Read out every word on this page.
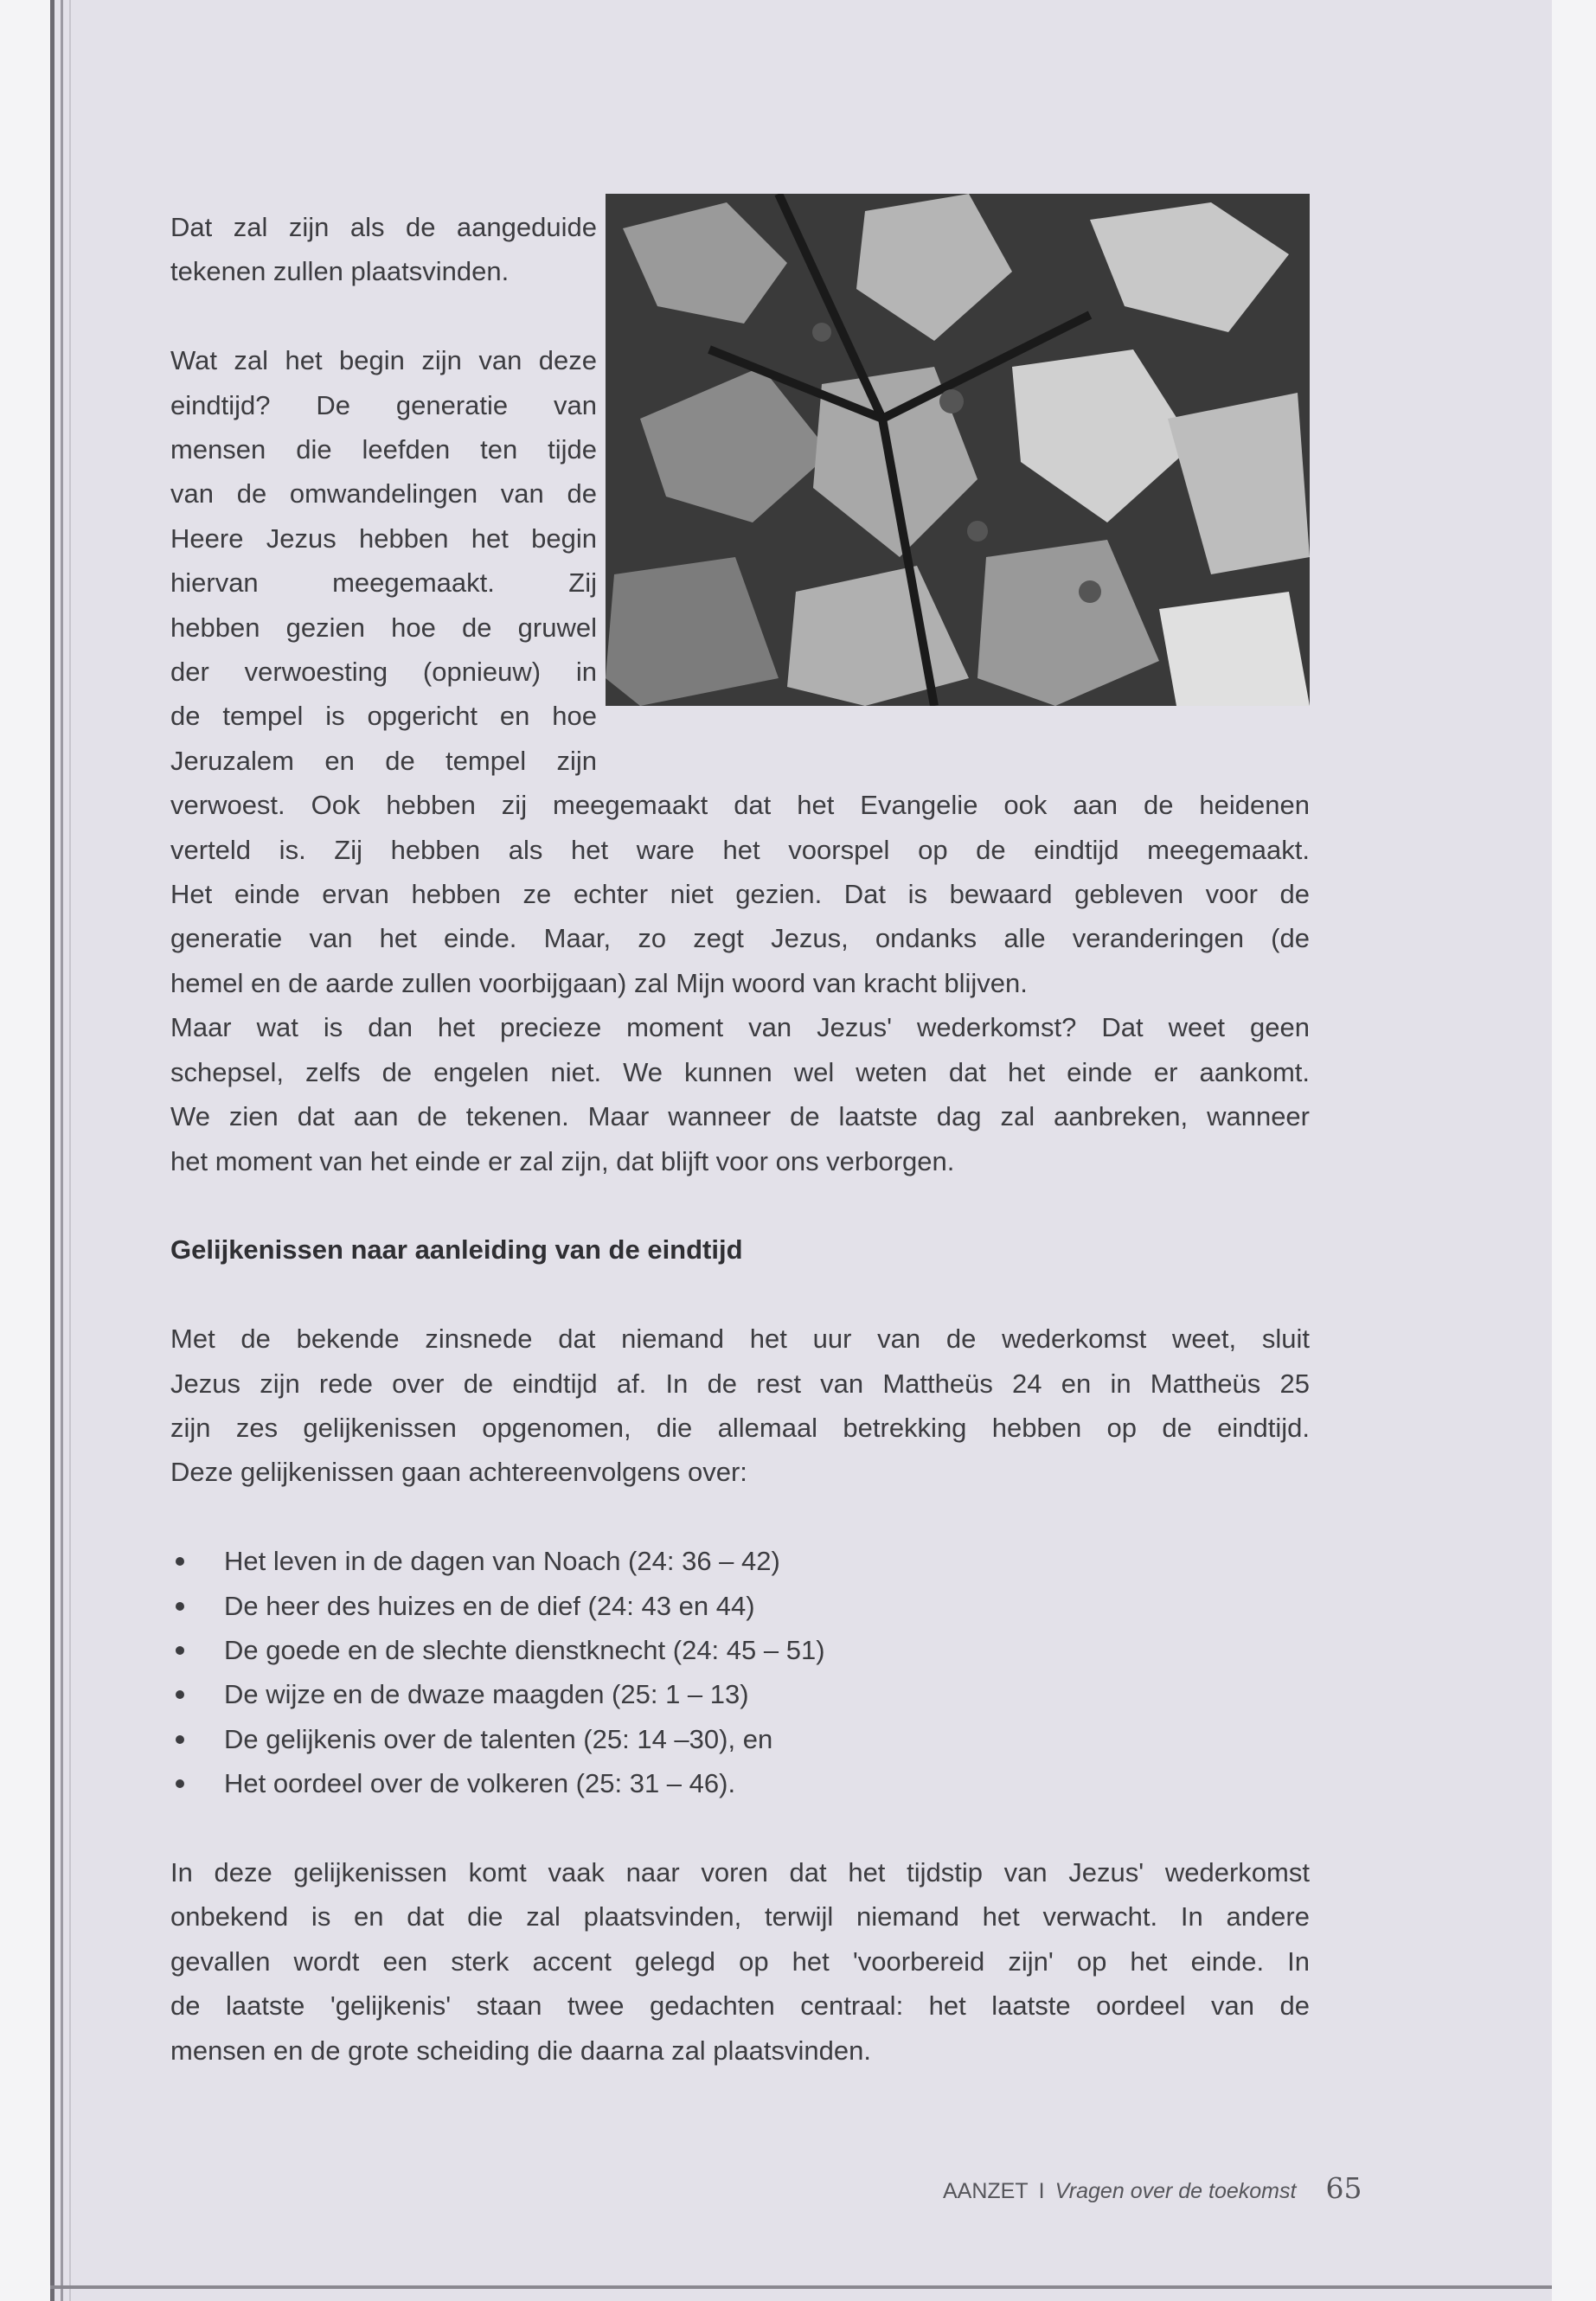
Dat zal zijn als de aangeduide
tekenen zullen plaatsvinden.
Wat zal het begin zijn van deze
eindtijd? De generatie van
mensen die leefden ten tijde
van de omwandelingen van de
Heere Jezus hebben het begin
hiervan meegemaakt. Zij
hebben gezien hoe de gruwel
der verwoesting (opnieuw) in
de tempel is opgericht en hoe
Jeruzalem en de tempel zijn
verwoest. Ook hebben zij meegemaakt dat het Evangelie ook aan de heidenen
verteld is. Zij hebben als het ware het voorspel op de eindtijd meegemaakt.
Het einde ervan hebben ze echter niet gezien. Dat is bewaard gebleven voor de
generatie van het einde. Maar, zo zegt Jezus, ondanks alle veranderingen (de
hemel en de aarde zullen voorbijgaan) zal Mijn woord van kracht blijven.
Maar wat is dan het precieze moment van Jezus' wederkomst? Dat weet geen
schepsel, zelfs de engelen niet. We kunnen wel weten dat het einde er aankomt.
We zien dat aan de tekenen. Maar wanneer de laatste dag zal aanbreken, wanneer
het moment van het einde er zal zijn, dat blijft voor ons verborgen.
Gelijkenissen naar aanleiding van de eindtijd
Met de bekende zinsnede dat niemand het uur van de wederkomst weet, sluit
Jezus zijn rede over de eindtijd af. In de rest van Mattheüs 24 en in Mattheüs 25
zijn zes gelijkenissen opgenomen, die allemaal betrekking hebben op de eindtijd.
Deze gelijkenissen gaan achtereenvolgens over:
Het leven in de dagen van Noach (24: 36 – 42)
De heer des huizes en de dief (24: 43 en 44)
De goede en de slechte dienstknecht (24: 45 – 51)
De wijze en de dwaze maagden (25: 1 – 13)
De gelijkenis over de talenten (25: 14 –30), en
Het oordeel over de volkeren (25: 31 – 46).
In deze gelijkenissen komt vaak naar voren dat het tijdstip van Jezus' wederkomst
onbekend is en dat die zal plaatsvinden, terwijl niemand het verwacht. In andere
gevallen wordt een sterk accent gelegd op het 'voorbereid zijn' op het einde. In
de laatste 'gelijkenis' staan twee gedachten centraal: het laatste oordeel van de
mensen en de grote scheiding die daarna zal plaatsvinden.
AANZET I Vragen over de toekomst 65
